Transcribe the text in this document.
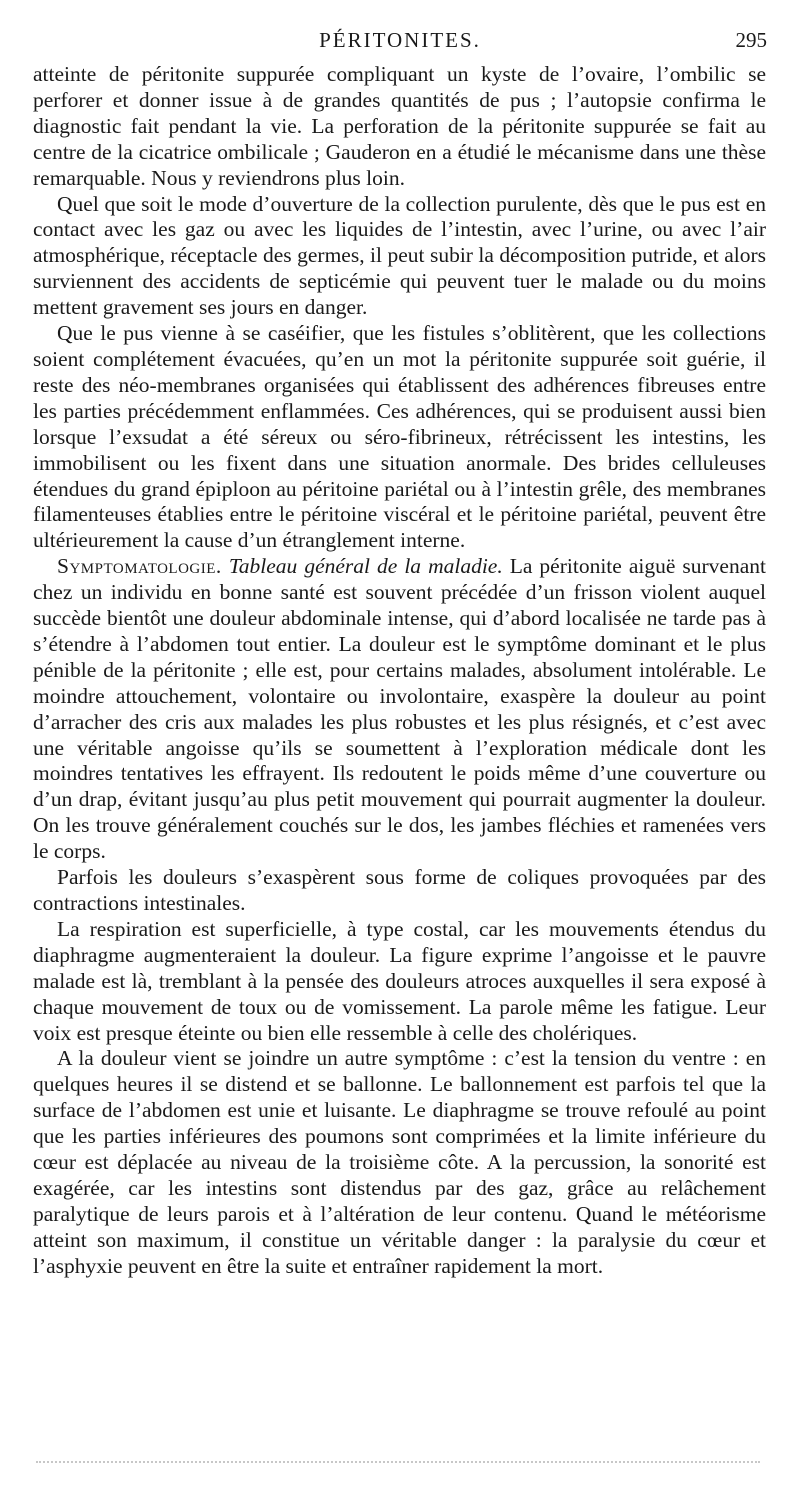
PÉRITONITES.	295

atteinte de péritonite suppurée compliquant un kyste de l’ovaire, l’ombilic se perforer et donner issue à de grandes quantités de pus ; l’autopsie confirma le diagnostic fait pendant la vie. La perforation de la péritonite suppurée se fait au centre de la cicatrice ombilicale ; Gauderon en a étudié le mécanisme dans une thèse remarquable. Nous y reviendrons plus loin.

Quel que soit le mode d’ouverture de la collection purulente, dès que le pus est en contact avec les gaz ou avec les liquides de l’intestin, avec l’urine, ou avec l’air atmosphérique, réceptacle des germes, il peut subir la décomposition putride, et alors surviennent des accidents de septicémie qui peuvent tuer le malade ou du moins mettent gravement ses jours en danger.

Que le pus vienne à se caséifier, que les fistules s’oblitèrent, que les collections soient complétement évacuées, qu’en un mot la péritonite suppurée soit guérie, il reste des néo-membranes organisées qui établissent des adhérences fibreuses entre les parties précédemment enflammées. Ces adhérences, qui se produisent aussi bien lorsque l’exsudat a été séreux ou séro-fibrineux, rétrécissent les intestins, les immobilisent ou les fixent dans une situation anormale. Des brides celluleuses étendues du grand épiploon au péritoine pariétal ou à l’intestin grêle, des membranes filamenteuses établies entre le péritoine viscéral et le péritoine pariétal, peuvent être ultérieurement la cause d’un étranglement interne.

Symptomatologie. Tableau général de la maladie. La péritonite aiguë survenant chez un individu en bonne santé est souvent précédée d’un frisson violent auquel succède bientôt une douleur abdominale intense, qui d’abord localisée ne tarde pas à s’étendre à l’abdomen tout entier. La douleur est le symptôme dominant et le plus pénible de la péritonite ; elle est, pour certains malades, absolument intolérable. Le moindre attouchement, volontaire ou involontaire, exaspère la douleur au point d’arracher des cris aux malades les plus robustes et les plus résignés, et c’est avec une véritable angoisse qu’ils se soumettent à l’exploration médicale dont les moindres tentatives les effrayent. Ils redoutent le poids même d’une couverture ou d’un drap, évitant jusqu’au plus petit mouvement qui pourrait augmenter la douleur. On les trouve généralement couchés sur le dos, les jambes fléchies et ramenées vers le corps.

Parfois les douleurs s’exaspèrent sous forme de coliques provoquées par des contractions intestinales.

La respiration est superficielle, à type costal, car les mouvements étendus du diaphragme augmenteraient la douleur. La figure exprime l’angoisse et le pauvre malade est là, tremblant à la pensée des douleurs atroces auxquelles il sera exposé à chaque mouvement de toux ou de vomissement. La parole même les fatigue. Leur voix est presque éteinte ou bien elle ressemble à celle des cholériques.

A la douleur vient se joindre un autre symptôme : c’est la tension du ventre : en quelques heures il se distend et se ballonne. Le ballonnement est parfois tel que la surface de l’abdomen est unie et luisante. Le diaphragme se trouve refoulé au point que les parties inférieures des poumons sont comprimées et la limite inférieure du cœur est déplacée au niveau de la troisième côte. A la percussion, la sonorité est exagérée, car les intestins sont distendus par des gaz, grâce au relâchement paralytique de leurs parois et à l’altération de leur contenu. Quand le météorisme atteint son maximum, il constitue un véritable danger : la paralysie du cœur et l’asphyxie peuvent en être la suite et entraîner rapidement la mort.
